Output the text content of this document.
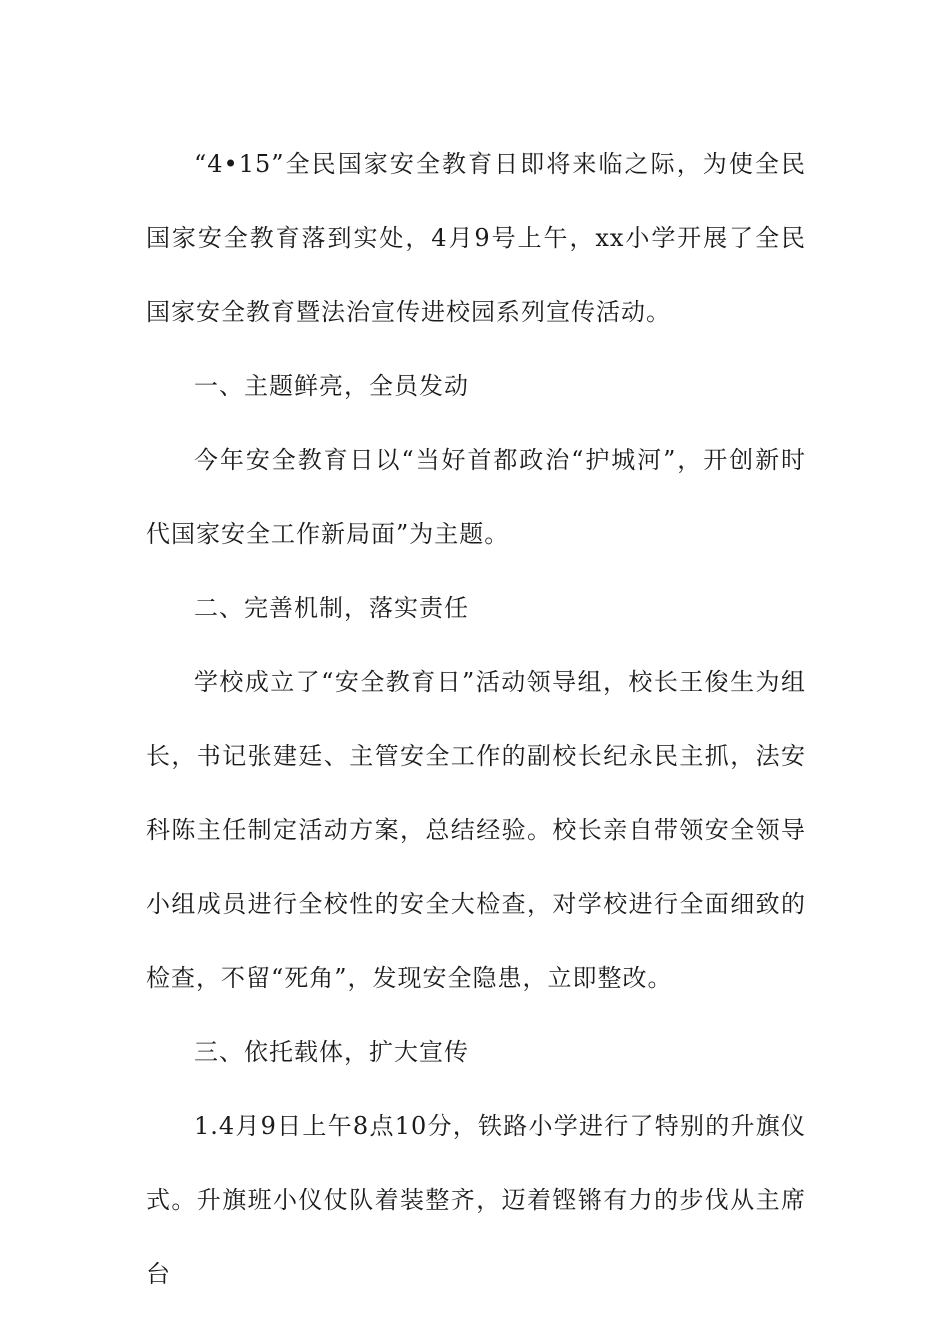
“4•15”全民国家安全教育日即将来临之际，为使全民国家安全教育落到实处，4月9号上午，xx小学开展了全民国家安全教育暨法治宣传进校园系列宣传活动。

一、主题鲜亮，全员发动

今年安全教育日以“当好首都政治“护城河”，开创新时代国家安全工作新局面”为主题。

二、完善机制，落实责任

学校成立了“安全教育日”活动领导组，校长王俊生为组长，书记张建廷、主管安全工作的副校长纪永民主抓，法安科陈主任制定活动方案，总结经验。校长亲自带领安全领导小组成员进行全校性的安全大检查，对学校进行全面细致的检查，不留“死角”，发现安全隐患，立即整改。

三、依托载体，扩大宣传

1.4月9日上午8点10分，铁路小学进行了特别的升旗仪式。升旗班小仪仗队着装整齐，迈着铿锵有力的步伐从主席台
